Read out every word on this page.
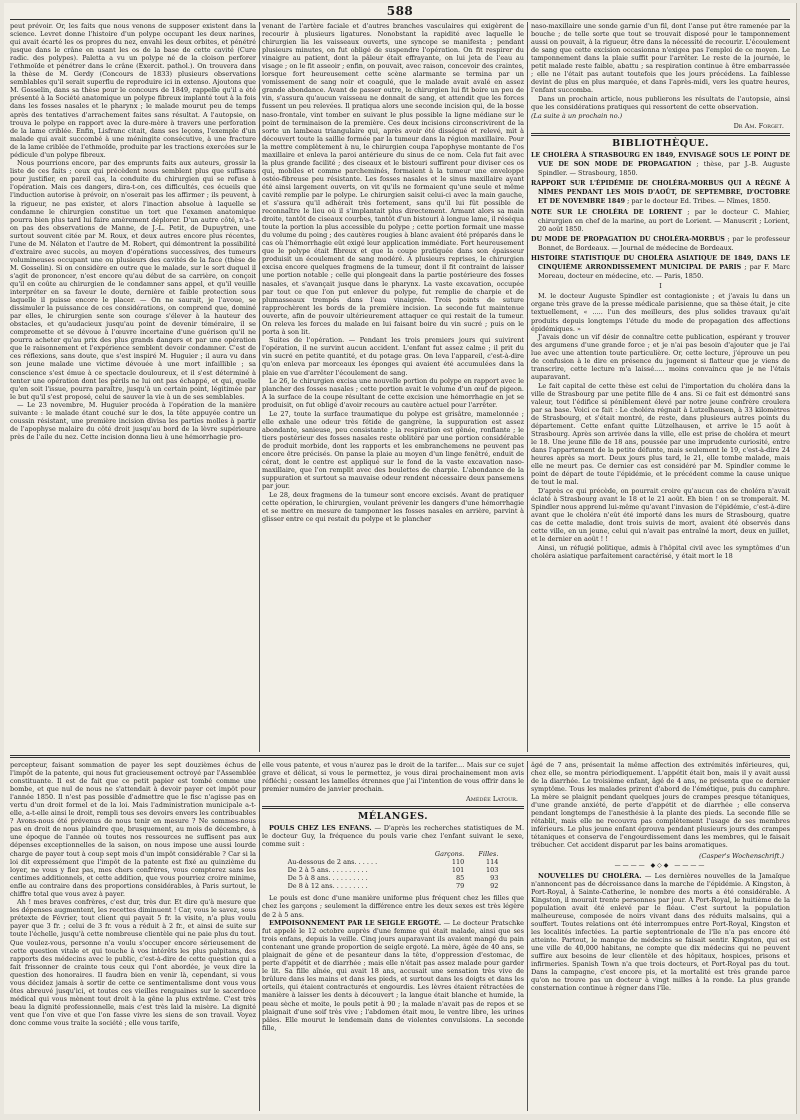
588

peut prévoir. Or, les faits que nous venons de supposer existent dans la science. Levret donne l'histoire d'un polype occupant les deux narines, qui avait écarté les os propres du nez, envahi les deux orbites, et pénétré jusque dans le crâne en usant les os de la base de cette cavité (Cure radic. des polypes). Paletta a vu un polype né de la cloison perforer l'ethmoïde et pénétrer dans le crâne (Exercit. pathol.). On trouvera dans la thèse de M. Gerdy (Concours de 1833) plusieurs observations semblables qu'il serait superflu de reproduire ici in extenso. Ajoutons que M. Gosselin, dans sa thèse pour le concours de 1849, rappelle qu'il a été présenté à la Société anatomique un polype fibreux implanté tout à la fois dans les fosses nasales et le pharynx ; le malade mourut peu de temps après des tentatives d'arrachement faites sans résultat. A l'autopsie, on trouva le polype en rapport avec la dure-mère à travers une perforation de la lame criblée. Enfin, Lisfranc citait, dans ses leçons, l'exemple d'un malade qui avait succombé à une méningite consécutive, à une fracture de la lame criblée de l'ethmoïde, produite par les tractions exercées sur le pédicule d'un polype fibreux.

Nous pourrions encore, par des emprunts faits aux auteurs, grossir la liste de ces faits ; ceux qui précèdent nous semblent plus que suffisans pour justifier, en pareil cas, la conduite du chirurgien qui se refuse à l'opération. Mais ces dangers, dira-t-on, ces difficultés, ces écueils que l'induction autorise à prévoir, on n'oserait pas les affirmer ; ils peuvent, à la rigueur, ne pas exister, et alors l'inaction absolue à laquelle se condamne le chirurgien constitue un tort que l'examen anatomique pourra bien plus tard lui faire amèrement déplorer. D'un autre côté, n'a-t-on pas des observations de Manne, de J.-L. Petit, de Dupuytren, une surtout souvent citée par M. Roux, et deux autres encore plus récentes, l'une de M. Nélaton et l'autre de M. Robert, qui démontrent la possibilité d'extraire avec succès, au moyen d'opérations successives, des tumeurs volumineuses occupant une ou plusieurs des cavités de la face (thèse de M. Gosselin). Si on considère en outre que le malade, sur le sort duquel il s'agit de prononcer, n'est encore qu'au début de sa carrière, on conçoit qu'il en coûte au chirurgien de le condamner sans appel, et qu'il veuille interpréter en sa faveur le doute, dernière et faible protection sous laquelle il puisse encore le placer. — On ne saurait, je l'avoue, se dissimuler la puissance de ces considérations, on comprend que, dominé par elles, le chirurgien sente son courage s'élever à la hauteur des obstacles, et qu'audacieux jusqu'au point de devenir téméraire, il se compromette et se dévoue à l'œuvre incertaine d'une guérison qu'il ne pourra acheter qu'au prix des plus grands dangers et par une opération que le raisonnement et l'expérience semblent devoir condamner. C'est de ces réflexions, sans doute, que s'est inspiré M. Huguier ; il aura vu dans son jeune malade une victime dévouée à une mort infaillible ; sa conscience s'est émue à ce spectacle douloureux, et il s'est déterminé à tenter une opération dont les périls ne lui ont pas échappé, et qui, quelle qu'en soit l'issue, pourra paraître, jusqu'à un certain point, légitimée par le but qu'il s'est proposé, celui de sauver la vie à un de ses semblables.

— Le 23 novembre, M. Huguier procéda à l'opération de la manière suivante : le malade étant couché sur le dos, la tête appuyée contre un coussin résistant, une première incision divisa les parties molles à partir de l'apophyse malaire du côté droit jusqu'au bord de la lèvre supérieure près de l'aile du nez. Cette incision donna lieu à une hémorrhagie pro-

venant de l'artère faciale et d'autres branches vasculaires qui exigèrent de recourir à plusieurs ligatures. Nonobstant la rapidité avec laquelle le chirurgien lia les vaisseaux ouverts, une syncope se manifesta ; pendant plusieurs minutes, on fut obligé de suspendre l'opération. On fit respirer du vinaigre au patient, dont la pâleur était effrayante, on lui jeta de l'eau au visage ; on le fit asseoir ; enfin, on pouvait, avec raison, concevoir des craintes, lorsque fort heureusement cette scène alarmante se termina par un vomissement de sang noir et coagulé, que le malade avait avalé en assez grande abondance. Avant de passer outre, le chirurgien lui fit boire un peu de vin, s'assura qu'aucun vaisseau ne donnait de sang, et attendit que les forces fussent un peu relevées. Il pratiqua alors une seconde incision qui, de la bosse naso-frontale, vint tomber en suivant le plus possible la ligne médiane sur le point de terminaison de la première. Ces deux incisions circonscrivirent de la sorte un lambeau triangulaire qui, après avoir été disséqué et relevé, mit à découvert toute la saillie formée par la tumeur dans la région maxillaire. Pour la mettre complètement à nu, le chirurgien coupa l'apophyse montante de l'os maxillaire et enleva la paroi antérieure du sinus de ce nom. Cela fut fait avec la plus grande facilité ; des ciseaux et le bistouri suffirent pour diviser ces os qui, mobiles et comme parcheminés, formaient à la tumeur une enveloppe ostéo-fibreuse peu résistante. Les fosses nasales et le sinus maxillaire ayant été ainsi largement ouverts, on vit qu'ils ne formaient qu'une seule et même cavité remplie par le polype. Le chirurgien saisit celui-ci avec la main gauche, et s'assura qu'il adhérait très fortement, sans qu'il lui fût possible de reconnaître le lieu où il s'implantait plus directement. Armant alors sa main droite, tantôt de ciseaux courbes, tantôt d'un bistouri à longue lame, il réséqua toute la portion la plus accessible du polype ; cette portion formait une masse du volume du poing ; des cautères rougies à blanc avaient été préparés dans le cas où l'hémorrhagie eût exigé leur application immédiate. Fort heureusement que le polype était fibreux et que la coupe pratiquée dans son épaisseur produisit un écoulement de sang modéré. A plusieurs reprises, le chirurgien excisa encore quelques fragmens de la tumeur, dont il fit contraint de laisser une portion notable ; celle qui plongeait dans la partie postérieure des fosses nasales, et s'avançait jusque dans le pharynx. La vaste excavation, occupée par tout ce que l'on put enlever du polype, fut remplie de charpie et de plumasseaux trempés dans l'eau vinaigrée. Trois points de suture rapprochèrent les bords de la première incision. La seconde fut maintenue ouverte, afin de pouvoir ultérieurement attaquer ce qui restait de la tumeur. On releva les forces du malade en lui faisant boire du vin sucré ; puis on le porta à son lit.

Suites de l'opération. — Pendant les trois premiers jours qui suivirent l'opération, il ne survint aucun accident. L'enfant fut assez calme ; il prit du vin sucré en petite quantité, et du potage gras. On leva l'appareil, c'est-à-dire qu'on enleva par morceaux les éponges qui avaient été accumulées dans la plaie en vue d'arrêter l'écoulement de sang.

Le 26, le chirurgien excisa une nouvelle portion du polype en rapport avec le plancher des fosses nasales ; cette portion avait le volume d'un œuf de pigeon. A la surface de la coupe résultant de cette excision une hémorrhagie en jet se produisit, on fut obligé d'avoir recours au cautère actuel pour l'arrêter.

Le 27, toute la surface traumatique du polype est grisâtre, mamelonnée ; elle exhale une odeur très fétide de gangrène, la suppuration est assez abondante, sanieuse, peu consistante ; la respiration est gênée, ronflante ; le tiers postérieur des fosses nasales reste oblitéré par une portion considérable de produit morbide, dont les rapports et les embranchemens ne peuvent pas encore être précisés. On panse la plaie au moyen d'un linge fenêtré, enduit de cérat, dont le centre est appliqué sur le fond de la vaste excavation naso-maxillaire, que l'on remplit avec des boulettes de charpie. L'abondance de la suppuration et surtout sa mauvaise odeur rendent nécessaire deux pansemens par jour.

Le 28, deux fragmens de la tumeur sont encore excisés. Avant de pratiquer cette opération, le chirurgien, voulant prévenir les dangers d'une hémorrhagie et se mettre en mesure de tamponner les fosses nasales en arrière, parvint à glisser entre ce qui restait du polype et le plancher

naso-maxillaire une sonde garnie d'un fil, dont l'anse put être ramenée par la bouche ; de telle sorte que tout se trouvait disposé pour le tamponnement aussi on pouvait, à la rigueur, être dans la nécessité de recourir. L'écoulement de sang que cette excision occasionna n'exigea pas l'emploi de ce moyen. Le tamponnement dans la plaie suffit pour l'arrêter. Le reste de la journée, le petit malade reste faible, abattu ; sa respiration continue à être embarrassée ; elle ne l'était pas autant toutefois que les jours précédens. La faiblesse devint de plus en plus marquée, et dans l'après-midi, vers les quatre heures, l'enfant succomba.

Dans un prochain article, nous publierons les résultats de l'autopsie, ainsi que les considérations pratiques qui ressortent de cette observation.

(La suite à un prochain no.)
Dr Am. Forget.
BIBLIOTHÈQUE.

LE CHOLÉRA À STRASBOURG EN 1849, ENVISAGÉ SOUS LE POINT DE VUE DE SON MODE DE PROPAGATION ; thèse, par J.-B. Auguste Spindler. — Strasbourg, 1850.

RAPPORT SUR L'ÉPIDÉMIE DE CHOLÉRA-MORBUS QUI A RÉGNÉ À NÎMES PENDANT LES MOIS D'AOÛT, DE SEPTEMBRE, D'OCTOBRE ET DE NOVEMBRE 1849 ; par le docteur Ed. Tribes. — Nîmes, 1850.

NOTE SUR LE CHOLÉRA DE LORIENT ; par le docteur C. Mahier, chirurgien en chef de la marine, au port de Lorient. — Manuscrit ; Lorient, 20 août 1850.

DU MODE DE PROPAGATION DU CHOLÉRA-MORBUS ; par le professeur Bonnet, de Bordeaux. — Journal de médecine de Bordeaux.

HISTOIRE STATISTIQUE DU CHOLÉRA ASIATIQUE DE 1849, DANS LE CINQUIÈME ARRONDISSEMENT MUNICIPAL DE PARIS ; par F. Marc Moreau, docteur en médecine, etc. — Paris, 1850.

I

M. le docteur Auguste Spindler est contagioniste ; et j'avais lu dans un organe très grave de la presse médicale parisienne, que sa thèse était, je cite textuellement, « ..... l'un des meilleurs, des plus solides travaux qu'ait produits depuis longtemps l'étude du mode de propagation des affections épidémiques. »

J'avais donc un vif désir de connaître cette publication, espérant y trouver des argumens d'une grande force ; et je n'ai pas besoin d'ajouter que je l'ai lue avec une attention toute particulière. Or, cette lecture, j'éprouve un peu de confusion à le dire en présence du jugement si flatteur que je viens de transcrire, cette lecture m'a laissé..... moins convaincu que je ne l'étais auparavant.

Le fait capital de cette thèse est celui de l'importation du choléra dans la ville de Strasbourg par une petite fille de 4 ans. Si ce fait est démontré sans valeur, tout l'édifice si péniblement élevé par notre jeune confrère croulera par sa base. Voici ce fait : Le choléra régnait à Lutzelhausen, à 33 kilomètres de Strasbourg, et s'était montré, de reste, dans plusieurs autres points du département. Cette enfant quitte Lützelhausen, et arrive le 15 août à Strasbourg. Après son arrivée dans la ville, elle est prise de choléra et meurt le 18. Une jeune fille de 18 ans, poussée par une imprudente curiosité, entre dans l'appartement de la petite défunte, mais seulement le 19, c'est-à-dire 24 heures après sa mort. Deux jours plus tard, le 21, elle tombe malade, mais elle ne meurt pas. Ce dernier cas est considéré par M. Spindler comme le point de départ de toute l'épidémie, et le précédent comme la cause unique de tout le mal.

D'après ce qui précède, on pourrait croire qu'aucun cas de choléra n'avait éclaté à Strasbourg avant le 18 et le 21 août. Eh bien ! on se tromperait. M. Spindler nous apprend lui-même qu'avant l'invasion de l'épidémie, c'est-à-dire avant que le choléra n'eût été importé dans les murs de Strasbourg, quatre cas de cette maladie, dont trois suivis de mort, avaient été observés dans cette ville, en un jeune, celui qui n'avait pas entraîné la mort, deux en juillet, et le dernier en août ! !

Ainsi, un réfugié politique, admis à l'hôpital civil avec les symptômes d'un choléra asiatique parfaitement caractérisé, y était mort le 18

percepteur, faisant sommation de payer les sept douzièmes échus de l'impôt de la patente, qui nous fut gracieusement octroyé par l'Assemblée constituante. Il est de fait que ce petit papier est tombé comme une bombe, et que nul de nous ne s'attendait à devoir payer cet impôt pour l'année 1850. Il n'est pas possible d'admettre que le fisc n'agisse pas en vertu d'un droit formel et de la loi. Mais l'administration municipale a-t-elle, a-t-elle ainsi le droit, rempli tous ses devoirs envers les contribuables ? Avons-nous été prévenus de nous tenir en mesure ? Ne sommes-nous pas en droit de nous plaindre que, brusquement, au mois de décembre, à une époque de l'année où toutes nos ressources ne suffisent pas aux dépenses exceptionnelles de la saison, on nous impose une aussi lourde charge de payer tout à coup sept mois d'un impôt considérable ? Car si la loi dit expressément que l'impôt de la patente est fixé au quinzième du loyer, ne vous y fiez pas, mes chers confrères, vous compterez sans les centimes additionnels, et cette addition, que vous pourriez croire minime, enfle au contraire dans des proportions considérables, à Paris surtout, le chiffre total que vous avez à payer.

Ah ! mes braves confrères, c'est dur, très dur. Et dire qu'à mesure que les dépenses augmentent, les recettes diminuent ! Car, vous le savez, sous prétexte de Février, tout client qui payait 5 fr. la visite, n'a plus voulu payer que 3 fr. ; celui de 3 fr. vous a réduit à 2 fr., et ainsi de suite sur toute l'échelle, jusqu'à cette nombreuse clientèle qui ne paie plus du tout. Que voulez-vous, personne n'a voulu s'occuper encore sérieusement de cette question vitale et qui touche à vos intérêts les plus palpitans, des rapports des médecins avec le public, c'est-à-dire de cette question qui a fait frissonner de crainte tous ceux qui l'ont abordée, je veux dire la question des honoraires. Il faudra bien en venir là, cependant, si vous vous décidez jamais à sortir de cette ce sentimentalisme dont vous vous êtes abreuvé jusqu'ici, et toutes ces vieilles renguaines sur le sacerdoce médical qui vous mènent tout droit à la gêne la plus extrême. C'est très beau la dignité professionnelle, mais c'est très laid la misère. La dignité vent que l'on vive et que l'on fasse vivre les siens de son travail. Voyez donc comme vous traite la société ; elle vous tarife,

elle vous patente, et vous n'aurez pas le droit de la tarifer.... Mais sur ce sujet grave et délicat, si vous le permettez, je vous dirai prochainement mon avis réfléchi ; cessant les lamelles étrennes que j'ai l'intention de vous offrir dans le premier numéro de janvier prochain.

Amédée Latour.
MÉLANGES.

POULS CHEZ LES ENFANS. — D'après les recherches statistiques de M. le docteur Guy, la fréquence du pouls varie chez l'enfant suivant le sexe, comme suit :

	Garçons.	Filles.
Au-dessous de 2 ans. . . . . .	110	114
De 2 à 5 ans. . . . . . . . . .	101	103
De 5 à 8 ans. . . . . . . . . .	85	93
De 8 à 12 ans. . . . . . . . .	79	92

Le pouls est donc d'une manière uniforme plus fréquent chez les filles que chez les garçons ; seulement la différence entre les deux sexes est très légère de 2 à 5 ans.

EMPOISONNEMENT PAR LE SEIGLE ERGOTÉ. — Le docteur Pratschke fut appelé le 12 octobre auprès d'une femme qui était malade, ainsi que ses trois enfans, depuis la veille. Cinq jours auparavant ils avaient mangé du pain contenant une grande proportion de seigle ergoté. La mère, âgée de 40 ans, se plaignait de gêne et de pesanteur dans la tête, d'oppression d'estomac, de perte d'appétit et de diarrhée ; mais elle n'était pas assez malade pour garder le lit. Sa fille aînée, qui avait 18 ans, accusait une sensation très vive de brûlure dans les mains et dans les pieds, et surtout dans les doigts et dans les orteils, qui étaient contracturés et engourdis. Les lèvres étaient rétractées de manière à laisser les dents à découvert ; la langue était blanche et humide, la peau sèche et moite, le pouls petit à 90 ; la malade n'avait pas de repos et se plaignait d'une soif très vive ; l'abdomen était mou, le ventre libre, les urines pâles. Elle mourut le lendemain dans de violentes convulsions. La seconde fille,

âgé de 7 ans, présentait la même affection des extrémités inférieures, qui, chez elle, se montra périodiquement. L'appétit était bon, mais il y avait aussi de la diarrhée. Le troisième enfant, âgé de 4 ans, ne présenta que ce dernier symptôme. Tous les malades prirent d'abord de l'émétique, puis du camphre. La mère se plaignit pendant quelques jours de crampes presque tétaniques, d'une grande anxiété, de perte d'appétit et de diarrhée ; elle conserva pendant longtemps de l'anesthésie à la plante des pieds. La seconde fille se rétablit, mais elle ne recouvra pas complètement l'usage de ses membres inférieurs. Le plus jeune enfant éprouva pendant plusieurs jours des crampes tétaniques et conserva de l'engourdissement dans les membres, qui le faisait trébucher. Cet accident disparut par les bains aromatiques.

(Casper's Wochenschrift.)
———— ◆◇◆ ————

NOUVELLES DU CHOLÉRA. — Les dernières nouvelles de la Jamaïque n'annoncent pas de décroissance dans la marche de l'épidémie. A Kingston, à Port-Royal, à Sainte-Catherine, le nombre des morts a été considérable. A Kingston, il mourait trente personnes par jour. A Port-Royal, le huitième de la population avait été enlevé par le fléau. C'est surtout la population malheureuse, composée de noirs vivant dans des réduits malsains, qui a souffert. Toutes relations ont été interrompues entre Port-Royal, Kingston et les localités infectées. La partie septentrionale de l'île n'a pas encore été atteinte. Partout, le manque de médecins se faisait sentir. Kingston, qui est une ville de 40,000 habitans, ne compte que dix médecins qui ne peuvent suffire aux besoins de leur clientèle et des hôpitaux, hospices, prisons et infirmeries. Spanish Town n'a que trois docteurs, et Port-Royal pas du tout. Dans la campagne, c'est encore pis, et la mortalité est très grande parce qu'on ne trouve pas un docteur à vingt milles à la ronde. La plus grande consternation continue à régner dans l'île.
